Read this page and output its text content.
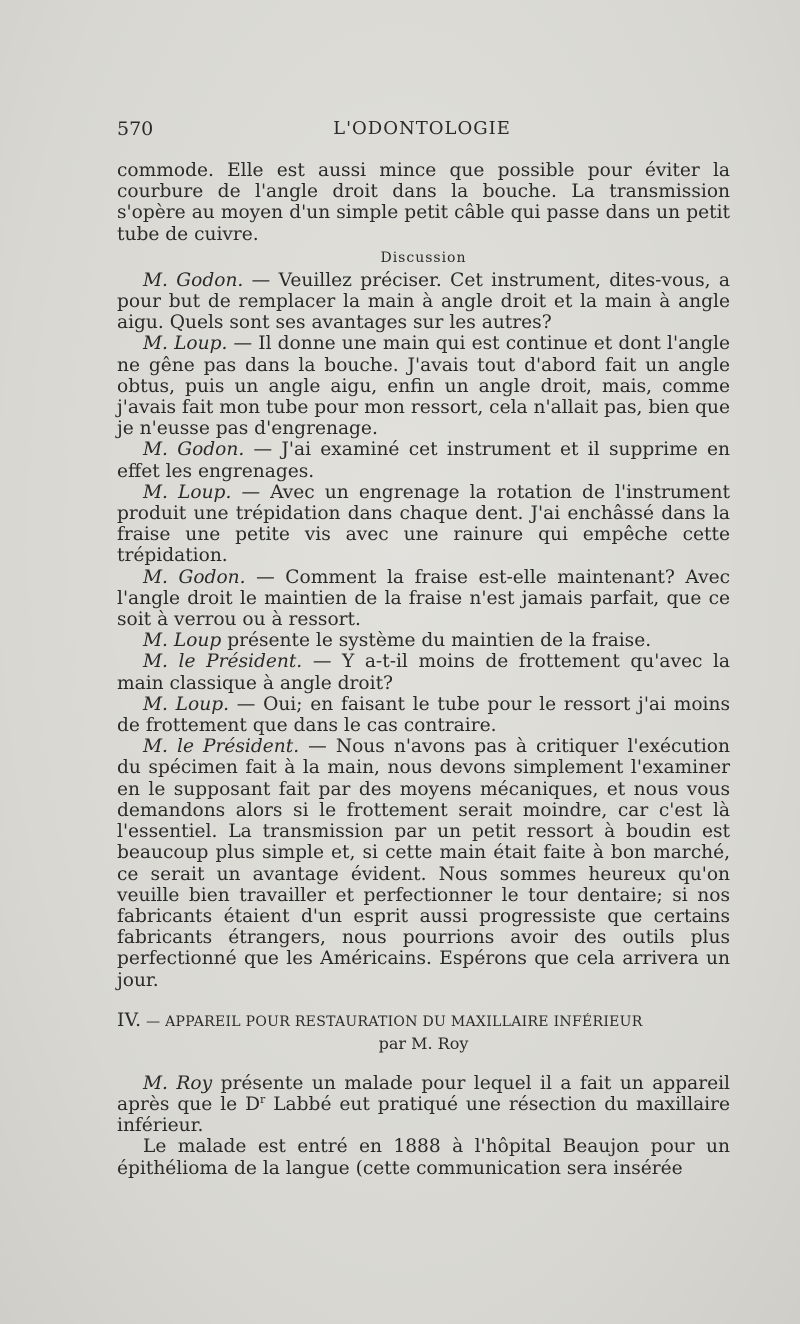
570	L'ODONTOLOGIE

commode. Elle est aussi mince que possible pour éviter la courbure de l'angle droit dans la bouche. La transmission s'opère au moyen d'un simple petit câble qui passe dans un petit tube de cuivre.

Discussion

M. Godon. — Veuillez préciser. Cet instrument, dites-vous, a pour but de remplacer la main à angle droit et la main à angle aigu. Quels sont ses avantages sur les autres?

M. Loup. — Il donne une main qui est continue et dont l'angle ne gêne pas dans la bouche. J'avais tout d'abord fait un angle obtus, puis un angle aigu, enfin un angle droit, mais, comme j'avais fait mon tube pour mon ressort, cela n'allait pas, bien que je n'eusse pas d'engrenage.

M. Godon. — J'ai examiné cet instrument et il supprime en effet les engrenages.

M. Loup. — Avec un engrenage la rotation de l'instrument produit une trépidation dans chaque dent. J'ai enchâssé dans la fraise une petite vis avec une rainure qui empêche cette trépidation.

M. Godon. — Comment la fraise est-elle maintenant? Avec l'angle droit le maintien de la fraise n'est jamais parfait, que ce soit à verrou ou à ressort.

M. Loup présente le système du maintien de la fraise.

M. le Président. — Y a-t-il moins de frottement qu'avec la main classique à angle droit?

M. Loup. — Oui; en faisant le tube pour le ressort j'ai moins de frottement que dans le cas contraire.

M. le Président. — Nous n'avons pas à critiquer l'exécution du spécimen fait à la main, nous devons simplement l'examiner en le supposant fait par des moyens mécaniques, et nous vous demandons alors si le frottement serait moindre, car c'est là l'essentiel. La transmission par un petit ressort à boudin est beaucoup plus simple et, si cette main était faite à bon marché, ce serait un avantage évident. Nous sommes heureux qu'on veuille bien travailler et perfectionner le tour dentaire; si nos fabricants étaient d'un esprit aussi progressiste que certains fabricants étrangers, nous pourrions avoir des outils plus perfectionné que les Américains. Espérons que cela arrivera un jour.

IV. — APPAREIL POUR RESTAURATION DU MAXILLAIRE INFÉRIEUR
par M. Roy

M. Roy présente un malade pour lequel il a fait un appareil après que le $D^r$ Labbé eut pratiqué une résection du maxillaire inférieur.

Le malade est entré en 1888 à l'hôpital Beaujon pour un épithélioma de la langue (cette communication sera insérée
